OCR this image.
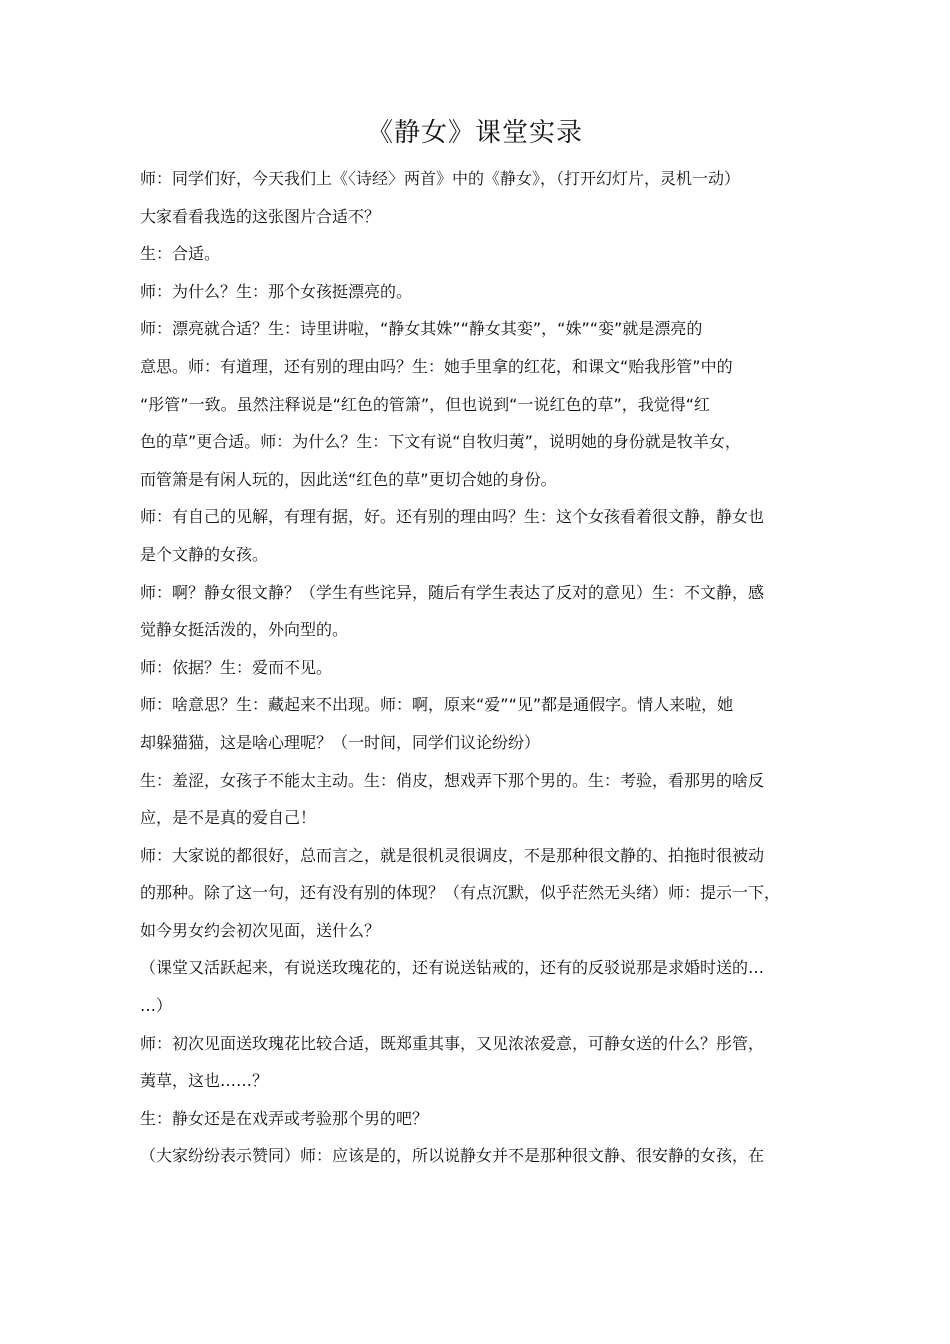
《静女》课堂实录
师：同学们好，今天我们上《〈诗经〉两首》中的《静女》，（打开幻灯片，灵机一动）
大家看看我选的这张图片合适不？
生：合适。
师：为什么？生：那个女孩挺漂亮的。
师：漂亮就合适？生：诗里讲啦，“静女其姝”“静女其娈”，“姝”“娈”就是漂亮的
意思。师：有道理，还有别的理由吗？生：她手里拿的红花，和课文“贻我彤管”中的
“彤管”一致。虽然注释说是“红色的管箫”，但也说到“一说红色的草”，我觉得“红
色的草”更合适。师：为什么？生：下文有说“自牧归荑”，说明她的身份就是牧羊女，
而管箫是有闲人玩的，因此送“红色的草”更切合她的身份。
师：有自己的见解，有理有据，好。还有别的理由吗？生：这个女孩看着很文静，静女也
是个文静的女孩。
师：啊？静女很文静？（学生有些诧异，随后有学生表达了反对的意见）生：不文静，感
觉静女挺活泼的，外向型的。
师：依据？生：爱而不见。
师：啥意思？生：藏起来不出现。师：啊，原来“爱”“见”都是通假字。情人来啦，她
却躲猫猫，这是啥心理呢？（一时间，同学们议论纷纷）
生：羞涩，女孩子不能太主动。生：俏皮，想戏弄下那个男的。生：考验，看那男的啥反
应，是不是真的爱自己！
师：大家说的都很好，总而言之，就是很机灵很调皮，不是那种很文静的、拍拖时很被动
的那种。除了这一句，还有没有别的体现？（有点沉默，似乎茫然无头绪）师：提示一下，
如今男女约会初次见面，送什么？
（课堂又活跃起来，有说送玫瑰花的，还有说送钻戒的，还有的反驳说那是求婚时送的…
…）
师：初次见面送玫瑰花比较合适，既郑重其事，又见浓浓爱意，可静女送的什么？彤管，
荑草，这也……？
生：静女还是在戏弄或考验那个男的吧？
（大家纷纷表示赞同）师：应该是的，所以说静女并不是那种很文静、很安静的女孩，在
